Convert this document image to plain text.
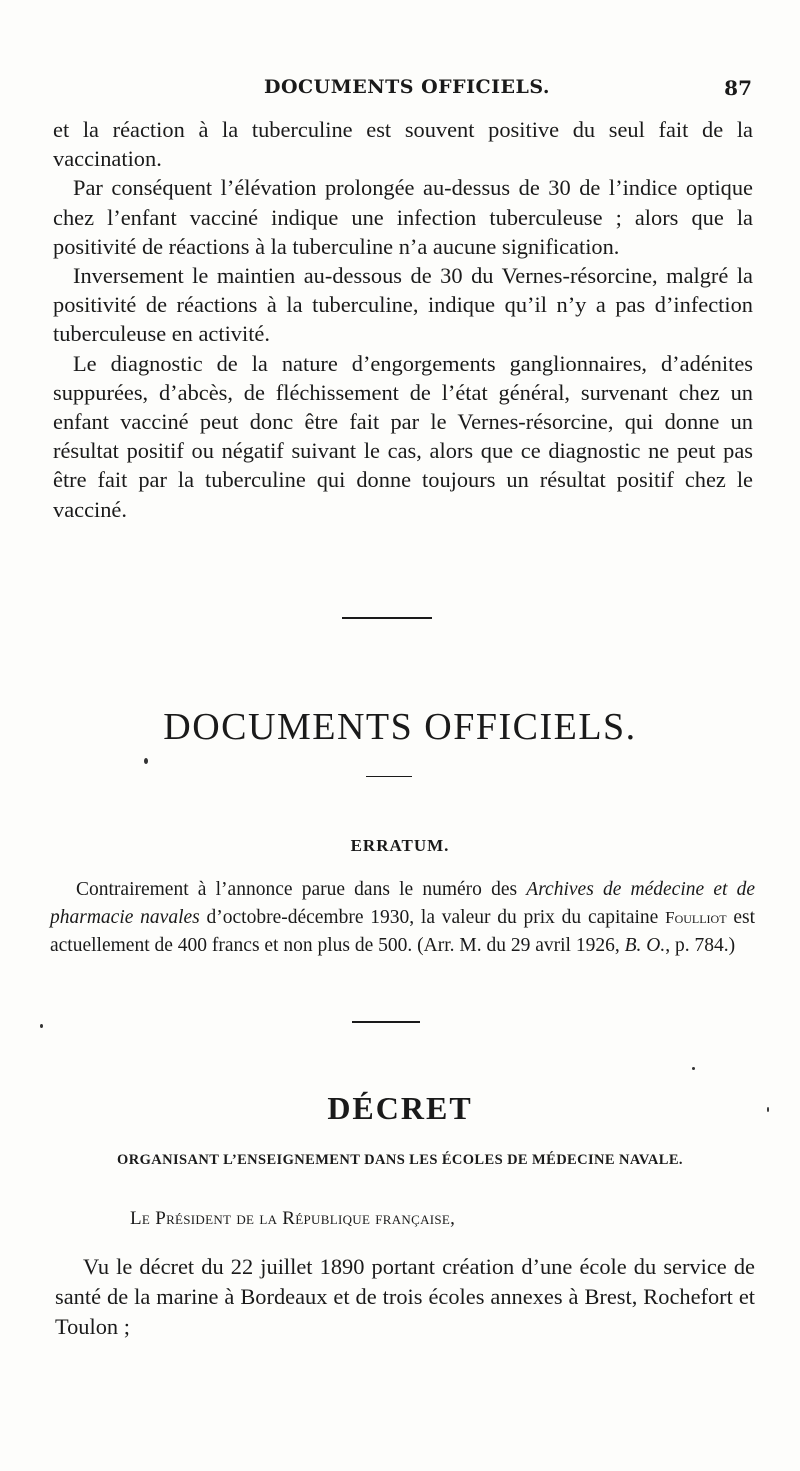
DOCUMENTS OFFICIELS.	87

et la réaction à la tuberculine est souvent positive du seul fait de la vaccination.

Par conséquent l’élévation prolongée au-dessus de 30 de l’indice optique chez l’enfant vacciné indique une infection tuberculeuse ; alors que la positivité de réactions à la tuberculine n’a aucune signification.

Inversement le maintien au-dessous de 30 du Vernes-résorcine, malgré la positivité de réactions à la tuberculine, indique qu’il n’y a pas d’infection tuberculeuse en activité.

Le diagnostic de la nature d’engorgements ganglionnaires, d’adénites suppurées, d’abcès, de fléchissement de l’état général, survenant chez un enfant vacciné peut donc être fait par le Vernes-résorcine, qui donne un résultat positif ou négatif suivant le cas, alors que ce diagnostic ne peut pas être fait par la tuberculine qui donne toujours un résultat positif chez le vacciné.

DOCUMENTS OFFICIELS.
ERRATUM.

Contrairement à l’annonce parue dans le numéro des Archives de médecine et de pharmacie navales d’octobre-décembre 1930, la valeur du prix du capitaine Foulliot est actuellement de 400 francs et non plus de 500. (Arr. M. du 29 avril 1926, B. O., p. 784.)

DÉCRET
ORGANISANT L’ENSEIGNEMENT DANS LES ÉCOLES DE MÉDECINE NAVALE.
Le Président de la République française,

Vu le décret du 22 juillet 1890 portant création d’une école du service de santé de la marine à Bordeaux et de trois écoles annexes à Brest, Rochefort et Toulon ;
